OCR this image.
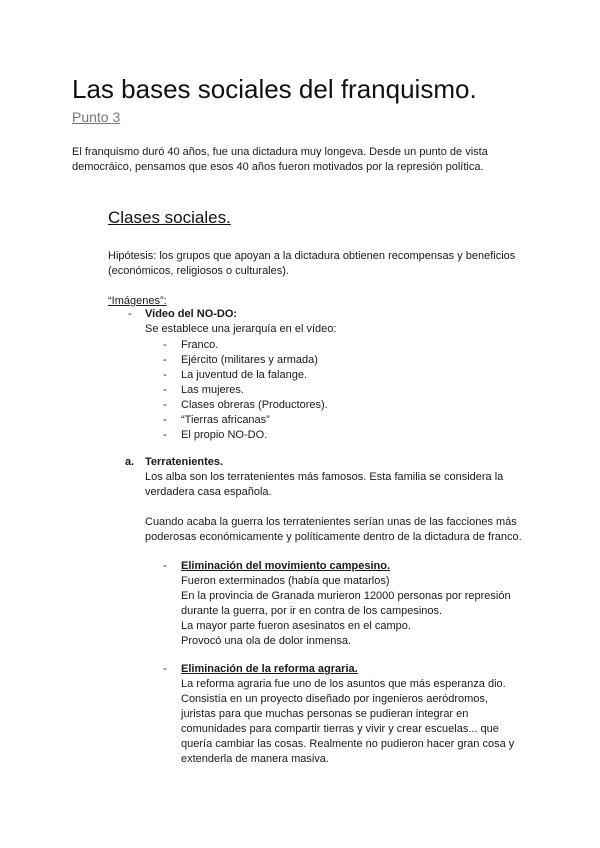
Las bases sociales del franquismo.
Punto 3
El franquismo duró 40 años, fue una dictadura muy longeva. Desde un punto de vista
democráico, pensamos que esos 40 años fueron motivados por la represión política.
Clases sociales.
Hipótesis: los grupos que apoyan a la dictadura obtienen recompensas y beneficios
(económicos, religiosos o culturales).
“Imágenes”:
- Video del NO-DO:
Se establece una jerarquía en el vídeo:
- Franco.
- Ejército (militares y armada)
- La juventud de la falange.
- Las mujeres.
- Clases obreras (Productores).
- “Tierras africanas”
- El propio NO-DO.
a. Terratenientes.
Los alba son los terratenientes más famosos. Esta familia se considera la
verdadera casa española.
Cuando acaba la guerra los terratenientes serían unas de las facciones más
poderosas económicamente y políticamente dentro de la dictadura de franco.
- Eliminación del movimiento campesino.
Fueron exterminados (había que matarlos)
En la provincia de Granada murieron 12000 personas por represión
durante la guerra, por ir en contra de los campesinos.
La mayor parte fueron asesinatos en el campo.
Provocó una ola de dolor inmensa.
- Eliminación de la reforma agraria.
La reforma agraria fue uno de los asuntos que más esperanza dio.
Consistía en un proyecto diseñado por ingenieros aeródromos,
juristas para que muchas personas se pudieran integrar en
comunidades para compartir tierras y vivir y crear escuelas... que
quería cambiar las cosas. Realmente no pudieron hacer gran cosa y
extenderla de manera masiva.
